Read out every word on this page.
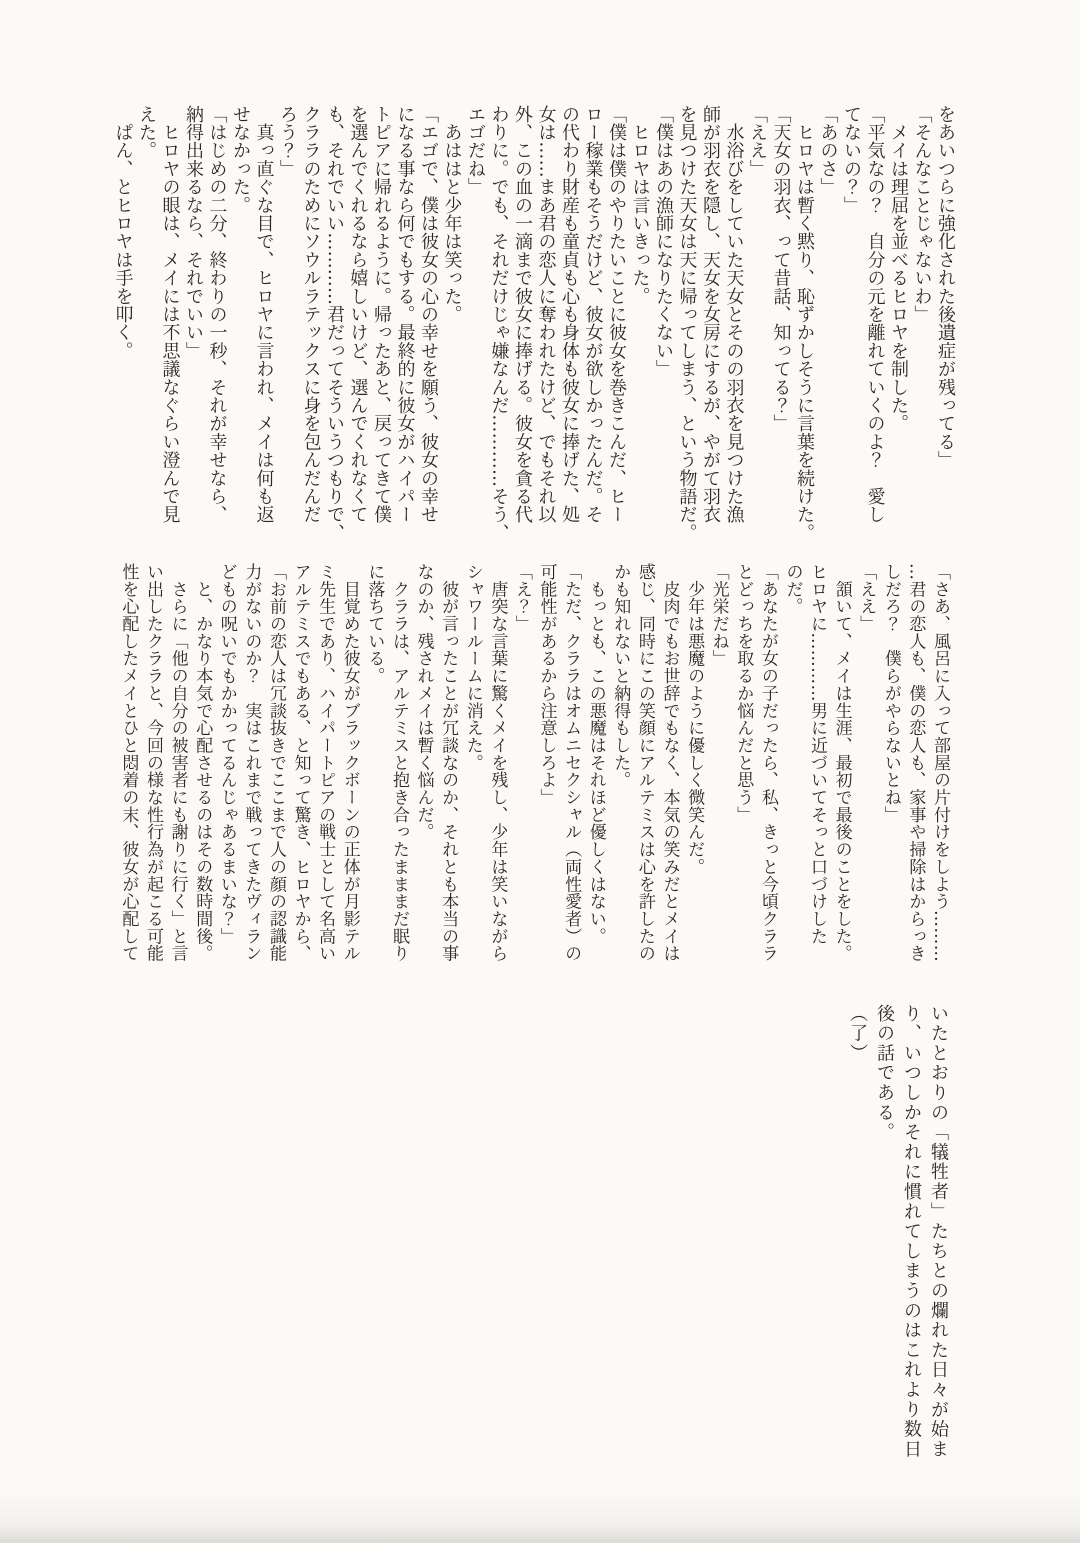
をあいつらに強化された後遺症が残ってる」

「そんなことじゃないわ」

　メイは理屈を並べるヒロヤを制した。

「平気なの？　自分の元を離れていくのよ？　愛し

てないの？」

「あのさ」

　ヒロヤは暫く黙り、恥ずかしそうに言葉を続けた。

「天女の羽衣、って昔話、知ってる？」

「ええ」

　水浴びをしていた天女とそのの羽衣を見つけた漁

師が羽衣を隠し、天女を女房にするが、やがて羽衣

を見つけた天女は天に帰ってしまう、という物語だ。

「僕はあの漁師になりたくない」

　ヒロヤは言いきった。

「僕は僕のやりたいことに彼女を巻きこんだ、ヒー

ロー稼業もそうだけど、彼女が欲しかったんだ。そ

の代わり財産も童貞も心も身体も彼女に捧げた、処

女は……まあ君の恋人に奪われたけど、でもそれ以

外、この血の一滴まで彼女に捧げる。彼女を貪る代

わりに。でも、それだけじゃ嫌なんだ…………そう、

エゴだね」

　あははと少年は笑った。

「エゴで、僕は彼女の心の幸せを願う、彼女の幸せ

になる事なら何でもする。最終的に彼女がハイパー

トピアに帰れるように。帰ったあと、戻ってきて僕

を選んでくれるなら嬉しいけど、選んでくれなくて

も、それでいい…………君だってそういうつもりで、

クララのためにソウルラテックスに身を包んだんだ

ろう？」

　真っ直ぐな目で、ヒロヤに言われ、メイは何も返

せなかった。

「はじめの二分、終わりの一秒、それが幸せなら、

納得出来るなら、それでいい」

　ヒロヤの眼は、メイには不思議なぐらい澄んで見

えた。

　ぱん、とヒロヤは手を叩く。

「さあ、風呂に入って部屋の片付けをしよう………

…君の恋人も、僕の恋人も、家事や掃除はからっき

しだろ？　僕らがやらないとね」

「ええ」

　頷いて、メイは生涯、最初で最後のことをした。

ヒロヤに…………男に近づいてそっと口づけした

のだ。

「あなたが女の子だったら、私、きっと今頃クララ

とどっちを取るか悩んだと思う」

「光栄だね」

　少年は悪魔のように優しく微笑んだ。

　皮肉でもお世辞でもなく、本気の笑みだとメイは

感じ、同時にこの笑顔にアルテミスは心を許したの

かも知れないと納得もした。

　もっとも、この悪魔はそれほど優しくはない。

「ただ、クララはオムニセクシャル（両性愛者）の

可能性があるから注意しろよ」

「え？」

　唐突な言葉に驚くメイを残し、少年は笑いながら

シャワールームに消えた。

　彼が言ったことが冗談なのか、それとも本当の事

なのか、残されメイは暫く悩んだ。

　クララは、アルテミスと抱き合ったまままだ眠り

に落ちている。

　目覚めた彼女がブラックボーンの正体が月影テル

ミ先生であり、ハイパートピアの戦士として名高い

アルテミスでもある、と知って驚き、ヒロヤから、

「お前の恋人は冗談抜きでここまで人の顔の認識能

力がないのか？　実はこれまで戦ってきたヴィラン

どもの呪いでもかかってるんじゃあるまいな？」

　と、かなり本気で心配させるのはその数時間後。

　さらに「他の自分の被害者にも謝りに行く」と言

い出したクララと、今回の様な性行為が起こる可能

性を心配したメイとひと悶着の末、彼女が心配して

いたとおりの「犠牲者」たちとの爛れた日々が始ま

り、いつしかそれに慣れてしまうのはこれより数日

後の話である。

（了）
